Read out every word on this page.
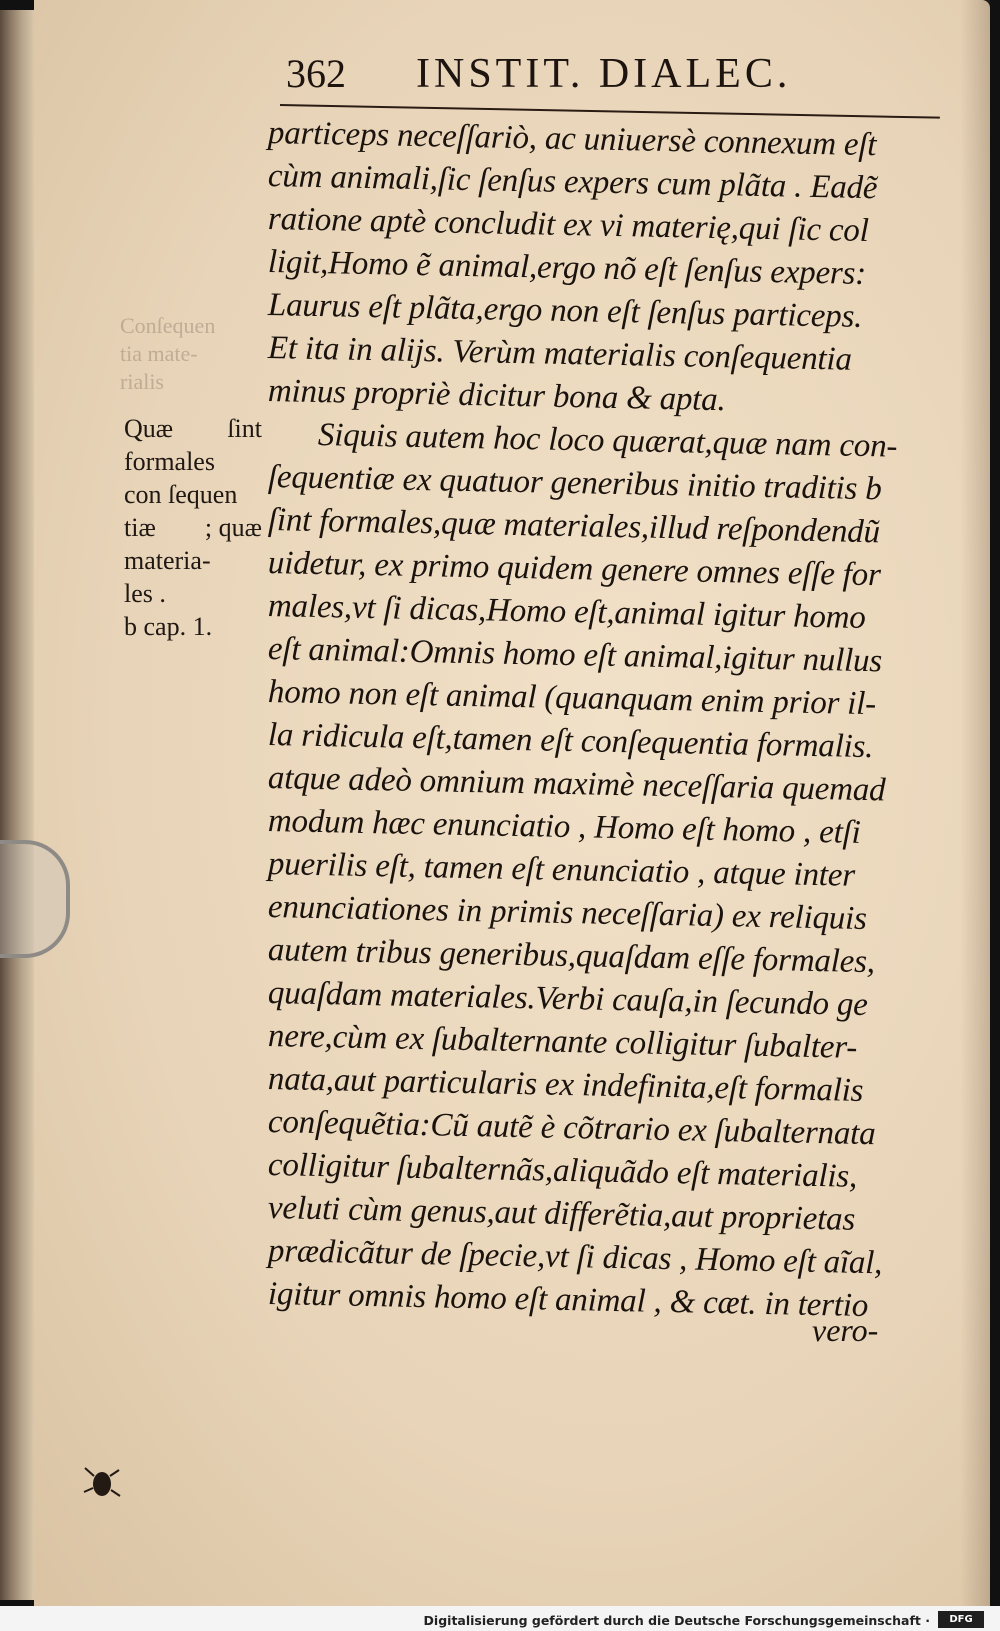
362 INSTIT. DIALEC.
Conſequen
tia mate-
rialis
Quæ ſint
formales
con ſequen
tiæ ; quæ
materia-
les .
b cap. 1.
particeps neceſſariò, ac uniuersè connexum eſt
cùm animali,ſic ſenſus expers cum plãta . Eadẽ
ratione aptè concludit ex vi materię,qui ſic col
ligit,Homo ẽ animal,ergo nõ eſt ſenſus expers:
Laurus eſt plãta,ergo non eſt ſenſus particeps.
Et ita in alijs. Verùm materialis conſequentia
minus propriè dicitur bona & apta.
Siquis autem hoc loco quærat,quæ nam con-
ſequentiæ ex quatuor generibus initio traditis b
ſint formales,quæ materiales,illud reſpondendũ
uidetur, ex primo quidem genere omnes eſſe for
males,vt ſi dicas,Homo eſt,animal igitur homo
eſt animal:Omnis homo eſt animal,igitur nullus
homo non eſt animal (quanquam enim prior il-
la ridicula eſt,tamen eſt conſequentia formalis.
atque adeò omnium maximè neceſſaria quemad
modum hæc enunciatio , Homo eſt homo , etſi
puerilis eſt, tamen eſt enunciatio , atque inter
enunciationes in primis neceſſaria) ex reliquis
autem tribus generibus,quaſdam eſſe formales,
quaſdam materiales.Verbi cauſa,in ſecundo ge
nere,cùm ex ſubalternante colligitur ſubalter-
nata,aut particularis ex indefinita,eſt formalis
conſequẽtia:Cũ autẽ è cõtrario ex ſubalternata
colligitur ſubalternãs,aliquãdo eſt materialis,
veluti cùm genus,aut differẽtia,aut proprietas
prædicãtur de ſpecie,vt ſi dicas , Homo eſt aĩal,
igitur omnis homo eſt animal , & cæt. in tertio
vero-
Digitalisierung gefördert durch die Deutsche Forschungsgemeinschaft ·	DFG
